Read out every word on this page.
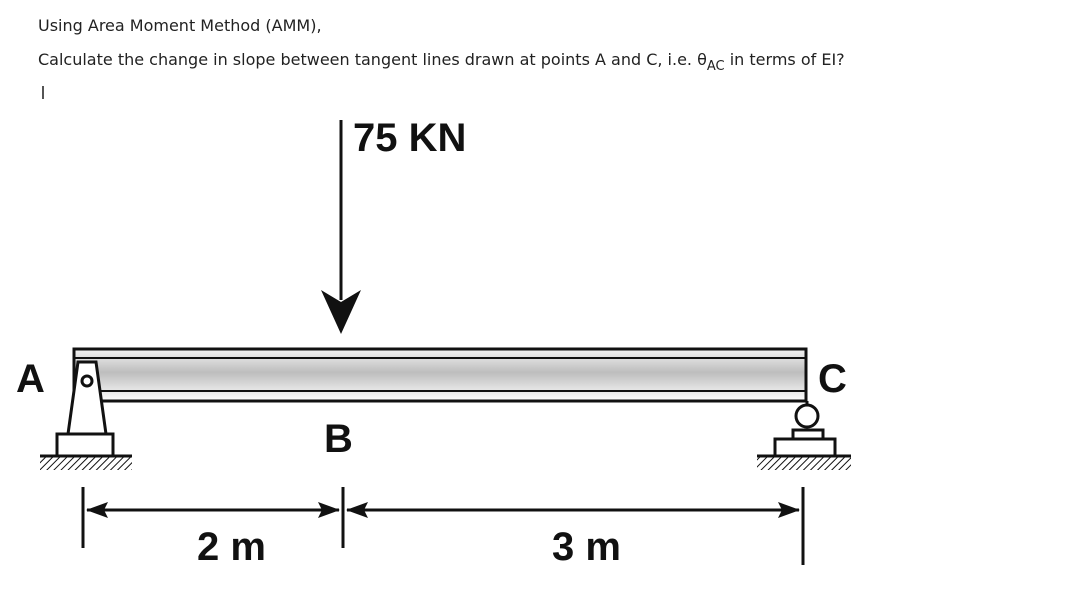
Using Area Moment Method (AMM),
Calculate the change in slope between tangent lines drawn at points A and C, i.e. $\theta_{AC}$ in terms of EI?
75 KN
A
B
C
2 m	3 m
